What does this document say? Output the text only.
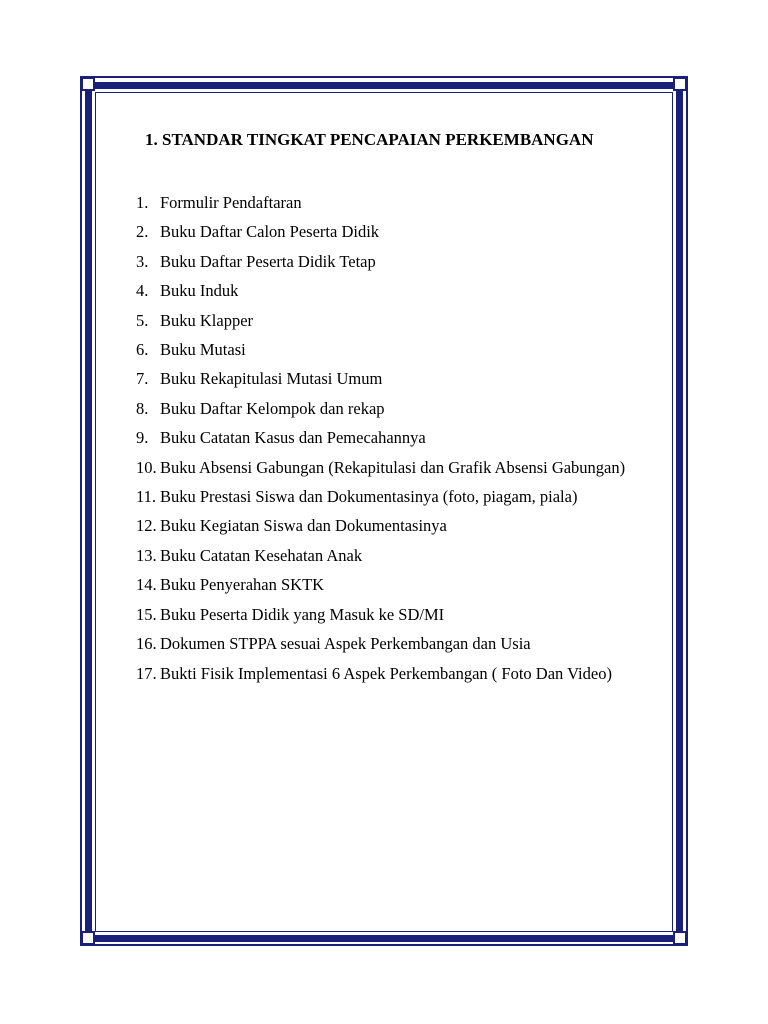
1. STANDAR TINGKAT PENCAPAIAN PERKEMBANGAN
1. Formulir Pendaftaran
2. Buku Daftar Calon Peserta Didik
3. Buku Daftar Peserta Didik Tetap
4. Buku Induk
5. Buku Klapper
6. Buku Mutasi
7. Buku Rekapitulasi Mutasi Umum
8. Buku Daftar Kelompok dan rekap
9. Buku Catatan Kasus dan Pemecahannya
10. Buku Absensi Gabungan (Rekapitulasi dan Grafik Absensi Gabungan)
11. Buku Prestasi Siswa dan Dokumentasinya (foto, piagam, piala)
12. Buku Kegiatan Siswa dan Dokumentasinya
13. Buku Catatan Kesehatan Anak
14. Buku Penyerahan SKTK
15. Buku Peserta Didik yang Masuk ke SD/MI
16. Dokumen STPPA sesuai Aspek Perkembangan dan Usia
17. Bukti Fisik Implementasi 6 Aspek Perkembangan ( Foto Dan Video)
